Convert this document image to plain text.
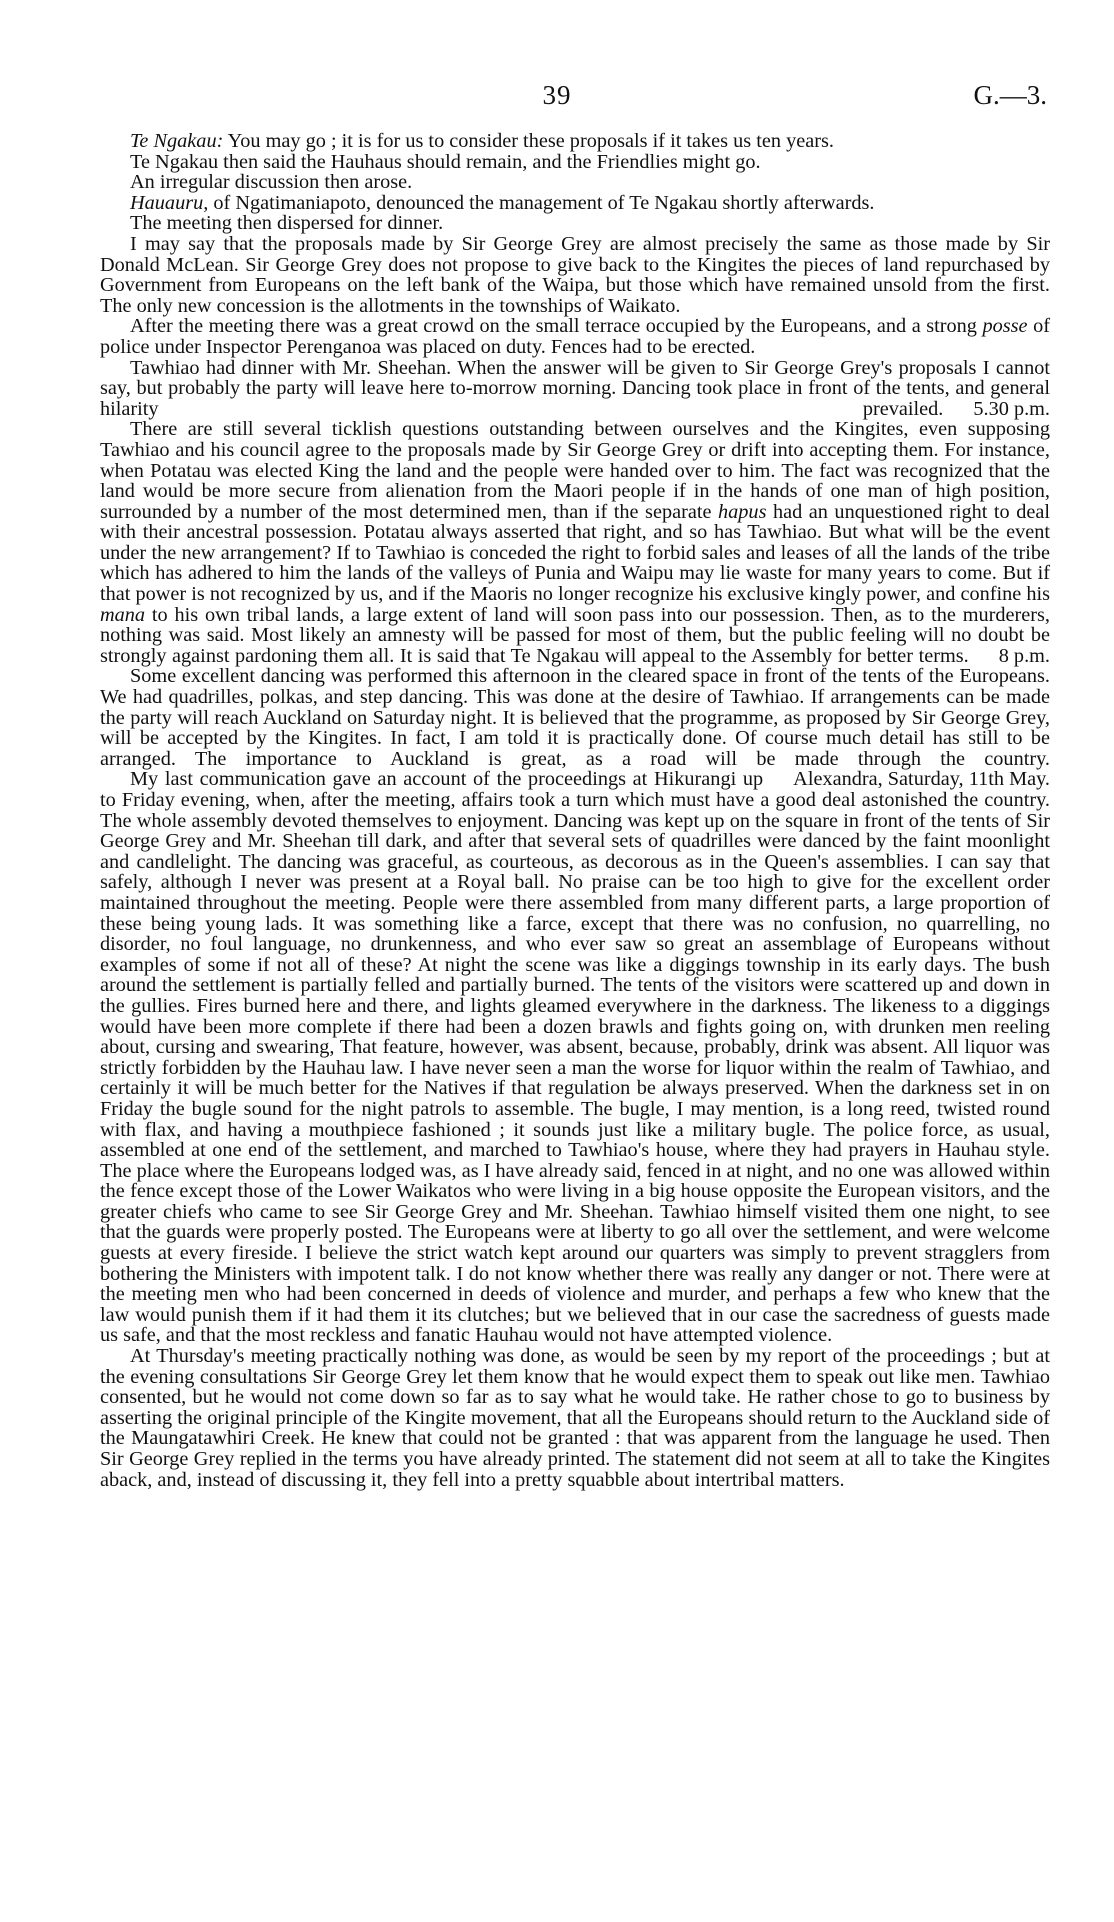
39	G.—3.

Te Ngakau: You may go ; it is for us to consider these proposals if it takes us ten years.

Te Ngakau then said the Hauhaus should remain, and the Friendlies might go.

An irregular discussion then arose.

Hauauru, of Ngatimaniapoto, denounced the management of Te Ngakau shortly afterwards.

The meeting then dispersed for dinner.

I may say that the proposals made by Sir George Grey are almost precisely the same as those made by Sir Donald McLean. Sir George Grey does not propose to give back to the Kingites the pieces of land repurchased by Government from Europeans on the left bank of the Waipa, but those which have remained unsold from the first. The only new concession is the allotments in the townships of Waikato.

After the meeting there was a great crowd on the small terrace occupied by the Europeans, and a strong posse of police under Inspector Perenganoa was placed on duty. Fences had to be erected.

Tawhiao had dinner with Mr. Sheehan. When the answer will be given to Sir George Grey's proposals I cannot say, but probably the party will leave here to-morrow morning. Dancing took place in front of the tents, and general hilarity prevailed.	5.30 p.m.

There are still several ticklish questions outstanding between ourselves and the Kingites, even supposing Tawhiao and his council agree to the proposals made by Sir George Grey or drift into accepting them. For instance, when Potatau was elected King the land and the people were handed over to him. The fact was recognized that the land would be more secure from alienation from the Maori people if in the hands of one man of high position, surrounded by a number of the most determined men, than if the separate hapus had an unquestioned right to deal with their ancestral possession. Potatau always asserted that right, and so has Tawhiao. But what will be the event under the new arrangement? If to Tawhiao is conceded the right to forbid sales and leases of all the lands of the tribe which has adhered to him the lands of the valleys of Punia and Waipu may lie waste for many years to come. But if that power is not recognized by us, and if the Maoris no longer recognize his exclusive kingly power, and confine his mana to his own tribal lands, a large extent of land will soon pass into our possession. Then, as to the murderers, nothing was said. Most likely an amnesty will be passed for most of them, but the public feeling will no doubt be strongly against pardoning them all. It is said that Te Ngakau will appeal to the Assembly for better terms.	8 p.m.

Some excellent dancing was performed this afternoon in the cleared space in front of the tents of the Europeans. We had quadrilles, polkas, and step dancing. This was done at the desire of Tawhiao. If arrangements can be made the party will reach Auckland on Saturday night. It is believed that the programme, as proposed by Sir George Grey, will be accepted by the Kingites. In fact, I am told it is practically done. Of course much detail has still to be arranged. The importance to Auckland is great, as a road will be made through the country.
Alexandra, Saturday, 11th May.

My last communication gave an account of the proceedings at Hikurangi up to Friday evening, when, after the meeting, affairs took a turn which must have a good deal astonished the country. The whole assembly devoted themselves to enjoyment. Dancing was kept up on the square in front of the tents of Sir George Grey and Mr. Sheehan till dark, and after that several sets of quadrilles were danced by the faint moonlight and candlelight. The dancing was graceful, as courteous, as decorous as in the Queen's assemblies. I can say that safely, although I never was present at a Royal ball. No praise can be too high to give for the excellent order maintained throughout the meeting. People were there assembled from many different parts, a large proportion of these being young lads. It was something like a farce, except that there was no confusion, no quarrelling, no disorder, no foul language, no drunkenness, and who ever saw so great an assemblage of Europeans without examples of some if not all of these? At night the scene was like a diggings township in its early days. The bush around the settlement is partially felled and partially burned. The tents of the visitors were scattered up and down in the gullies. Fires burned here and there, and lights gleamed everywhere in the darkness. The likeness to a diggings would have been more complete if there had been a dozen brawls and fights going on, with drunken men reeling about, cursing and swearing, That feature, however, was absent, because, probably, drink was absent. All liquor was strictly forbidden by the Hauhau law. I have never seen a man the worse for liquor within the realm of Tawhiao, and certainly it will be much better for the Natives if that regulation be always preserved. When the darkness set in on Friday the bugle sound for the night patrols to assemble. The bugle, I may mention, is a long reed, twisted round with flax, and having a mouthpiece fashioned ; it sounds just like a military bugle. The police force, as usual, assembled at one end of the settlement, and marched to Tawhiao's house, where they had prayers in Hauhau style. The place where the Europeans lodged was, as I have already said, fenced in at night, and no one was allowed within the fence except those of the Lower Waikatos who were living in a big house opposite the European visitors, and the greater chiefs who came to see Sir George Grey and Mr. Sheehan. Tawhiao himself visited them one night, to see that the guards were properly posted. The Europeans were at liberty to go all over the settlement, and were welcome guests at every fireside. I believe the strict watch kept around our quarters was simply to prevent stragglers from bothering the Ministers with impotent talk. I do not know whether there was really any danger or not. There were at the meeting men who had been concerned in deeds of violence and murder, and perhaps a few who knew that the law would punish them if it had them it its clutches; but we believed that in our case the sacredness of guests made us safe, and that the most reckless and fanatic Hauhau would not have attempted violence.

At Thursday's meeting practically nothing was done, as would be seen by my report of the proceedings ; but at the evening consultations Sir George Grey let them know that he would expect them to speak out like men. Tawhiao consented, but he would not come down so far as to say what he would take. He rather chose to go to business by asserting the original principle of the Kingite movement, that all the Europeans should return to the Auckland side of the Maungatawhiri Creek. He knew that could not be granted : that was apparent from the language he used. Then Sir George Grey replied in the terms you have already printed. The statement did not seem at all to take the Kingites aback, and, instead of discussing it, they fell into a pretty squabble about intertribal matters.
